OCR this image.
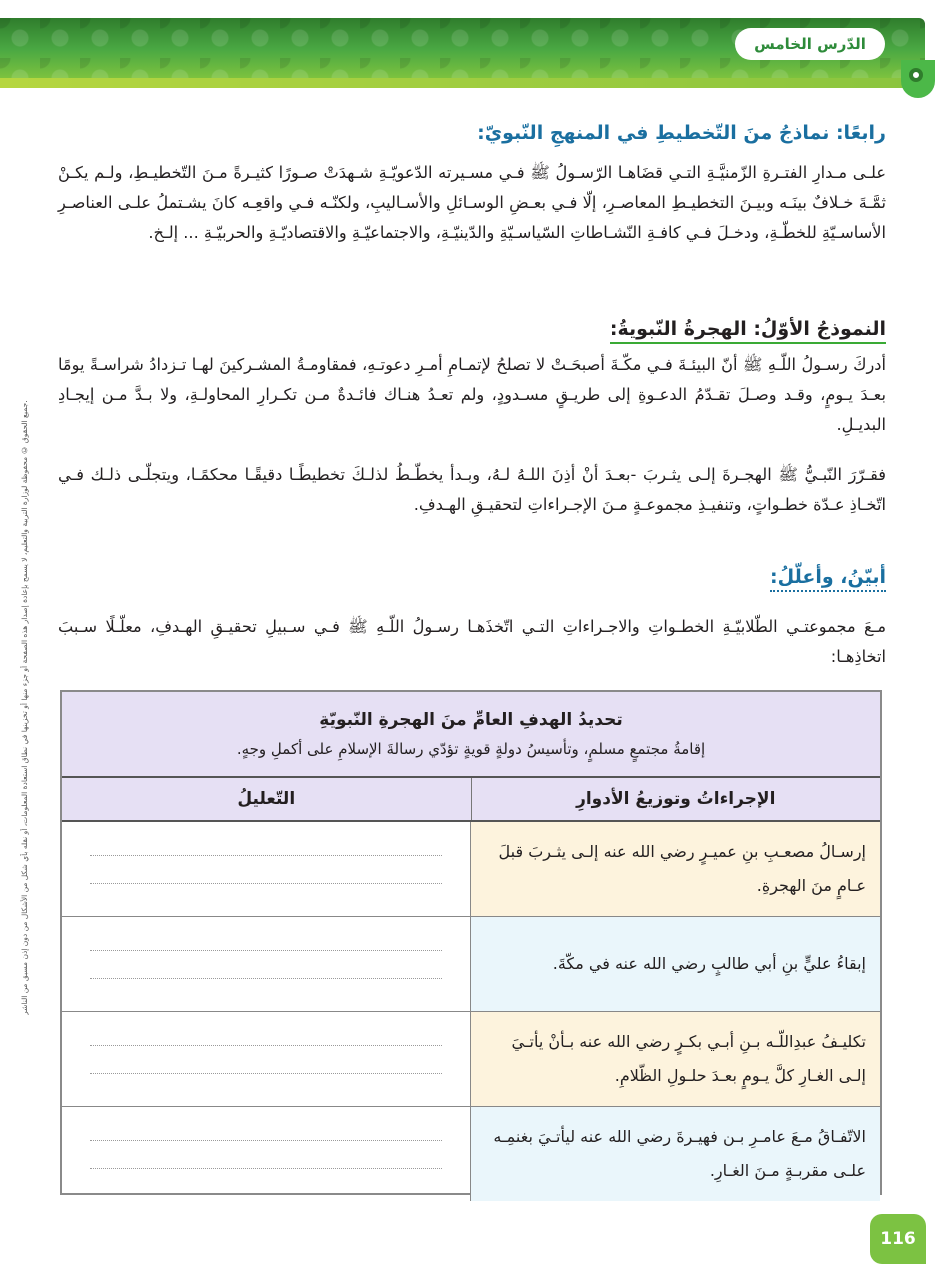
الدّرس الخامس
جميع الحقوق © محفوظة لوزارة التربية والتعليم، لا يسمح بإعادة إصدار هذه الصفحة أو جزء منها أو تخزينها في نطاق استعادة المعلومات، أو نقله بأي شكل من الأشكال من دون إذن مسبق من الناشر.
رابعًا: نماذجُ منَ التّخطيطِ في المنهجِ النّبويّ:
علـى مـدارِ الفتـرةِ الزّمنيَّـةِ التـي قضَاهـا الرّسـولُ ﷺ فـي مسـيرته الدّعويّـةِ شـهدَتْ صـورًا كثيـرةً مـنَ التّخطيـطِ، ولـم يكـنْ ثمَّـةَ خـلافٌ بينَـه وبيـنَ التخطيـطِ المعاصـرِ، إلّا فـي بعـضِ الوسـائلِ والأسـاليبِ، ولكنّـه فـي واقعِـه كانَ يشـتملُ علـى العناصـرِ الأساسـيّةِ للخطّـةِ، ودخـلَ فـي كافـةِ النّشـاطاتِ السّياسـيّةِ والدّينيّـةِ، والاجتماعيّـةِ والاقتصاديّـةِ والحربيّـةِ ... إلـخ.
النموذجُ الأوّلُ: الهجرةُ النّبويةُ:
أدركَ رسـولُ اللّـهِ ﷺ أنّ البيئـةَ فـي مكّـةَ أصبحَـتْ لا تصلحُ لإتمـامِ أمـرِ دعوتـهِ، فمقاومـةُ المشـركينَ لهـا تـزدادُ شراسـةً يومًا بعـدَ يـومٍ، وقـد وصـلَ تقـدّمُ الدعـوةِ إلى طريـقٍ مسـدودٍ، ولم تعـدُ هنـاك فائـدةٌ مـن تكـرارِ المحاولـةِ، ولا بـدَّ مـن إيجـادِ البديـلِ.
فقـرّرَ النّبـيُّ ﷺ الهجـرةَ إلـى يثـربَ -بعـدَ أنْ أذِنَ اللـهُ لـهُ، وبـدأ يخطّـطُ لذلـكَ تخطيطًـا دقيقًـا محكمًـا، ويتجلّـى ذلـك فـي اتّخـاذِ عـدّة خطـواتٍ، وتنفيـذِ مجموعـةٍ مـنَ الإجـراءاتِ لتحقيـقِ الهـدفِ.
أبيّنُ، وأعلّلُ:
مـعَ مجموعتـي الطّلابيّـةِ الخطـواتِ والاجـراءاتِ التـي اتّخذَهـا رسـولُ اللّـهِ ﷺ فـي سـبيلِ تحقيـقِ الهـدفِ، معلّـلًا سـببَ اتخاذِهـا:
تحديدُ الهدفِ العامِّ منَ الهجرةِ النّبويّةِ
إقامةُ مجتمعٍ مسلمٍ، وتأسيسُ دولةٍ قويةٍ تؤدّي رسالةَ الإسلامِ على أكملِ وجهٍ.
الإجراءاتُ وتوزيعُ الأدوارِ
التّعليلُ
إرسـالُ مصعـبِ بنِ عميـرٍ رضي الله عنه إلـى يثـربَ قبلَ عـامٍ منَ الهجرةِ.
إبقاءُ عليٍّ بنِ أبي طالبٍ رضي الله عنه في مكّةَ.
تكليـفُ عبدِاللّـه بـنِ أبـي بكـرٍ رضي الله عنه بـأنْ يأتـيَ إلـى الغـارِ كلَّ يـومٍ بعـدَ حلـولِ الظّلامِ.
الاتّفـاقُ مـعَ عامـرِ بـن فهيـرةَ رضي الله عنه ليأتـيَ بغنمِـه علـى مقربـةٍ مـنَ الغـارِ.
116
